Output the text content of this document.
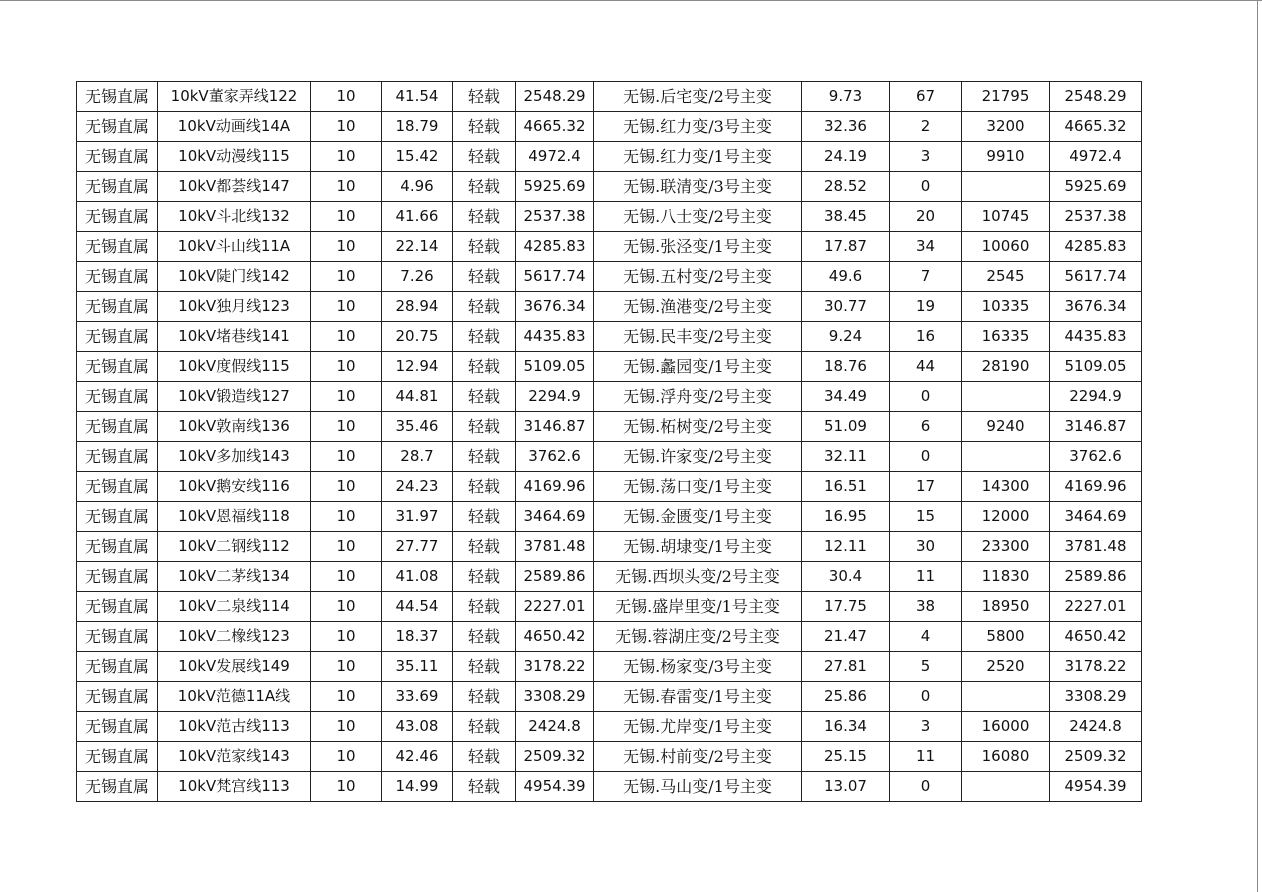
无锡直属	10kV董家弄线122	10	41.54	轻载	2548.29	无锡.后宅变/2号主变	9.73	67	21795	2548.29
无锡直属	10kV动画线14A	10	18.79	轻载	4665.32	无锡.红力变/3号主变	32.36	2	3200	4665.32
无锡直属	10kV动漫线115	10	15.42	轻载	4972.4	无锡.红力变/1号主变	24.19	3	9910	4972.4
无锡直属	10kV都荟线147	10	4.96	轻载	5925.69	无锡.联清变/3号主变	28.52	0		5925.69
无锡直属	10kV斗北线132	10	41.66	轻载	2537.38	无锡.八士变/2号主变	38.45	20	10745	2537.38
无锡直属	10kV斗山线11A	10	22.14	轻载	4285.83	无锡.张泾变/1号主变	17.87	34	10060	4285.83
无锡直属	10kV陡门线142	10	7.26	轻载	5617.74	无锡.五村变/2号主变	49.6	7	2545	5617.74
无锡直属	10kV独月线123	10	28.94	轻载	3676.34	无锡.渔港变/2号主变	30.77	19	10335	3676.34
无锡直属	10kV堵巷线141	10	20.75	轻载	4435.83	无锡.民丰变/2号主变	9.24	16	16335	4435.83
无锡直属	10kV度假线115	10	12.94	轻载	5109.05	无锡.蠡园变/1号主变	18.76	44	28190	5109.05
无锡直属	10kV锻造线127	10	44.81	轻载	2294.9	无锡.浮舟变/2号主变	34.49	0		2294.9
无锡直属	10kV敦南线136	10	35.46	轻载	3146.87	无锡.柘树变/2号主变	51.09	6	9240	3146.87
无锡直属	10kV多加线143	10	28.7	轻载	3762.6	无锡.许家变/2号主变	32.11	0		3762.6
无锡直属	10kV鹅安线116	10	24.23	轻载	4169.96	无锡.荡口变/1号主变	16.51	17	14300	4169.96
无锡直属	10kV恩福线118	10	31.97	轻载	3464.69	无锡.金匮变/1号主变	16.95	15	12000	3464.69
无锡直属	10kV二钢线112	10	27.77	轻载	3781.48	无锡.胡埭变/1号主变	12.11	30	23300	3781.48
无锡直属	10kV二茅线134	10	41.08	轻载	2589.86	无锡.西坝头变/2号主变	30.4	11	11830	2589.86
无锡直属	10kV二泉线114	10	44.54	轻载	2227.01	无锡.盛岸里变/1号主变	17.75	38	18950	2227.01
无锡直属	10kV二橡线123	10	18.37	轻载	4650.42	无锡.蓉湖庄变/2号主变	21.47	4	5800	4650.42
无锡直属	10kV发展线149	10	35.11	轻载	3178.22	无锡.杨家变/3号主变	27.81	5	2520	3178.22
无锡直属	10kV范德11A线	10	33.69	轻载	3308.29	无锡.春雷变/1号主变	25.86	0		3308.29
无锡直属	10kV范古线113	10	43.08	轻载	2424.8	无锡.尤岸变/1号主变	16.34	3	16000	2424.8
无锡直属	10kV范家线143	10	42.46	轻载	2509.32	无锡.村前变/2号主变	25.15	11	16080	2509.32
无锡直属	10kV梵宫线113	10	14.99	轻载	4954.39	无锡.马山变/1号主变	13.07	0		4954.39
